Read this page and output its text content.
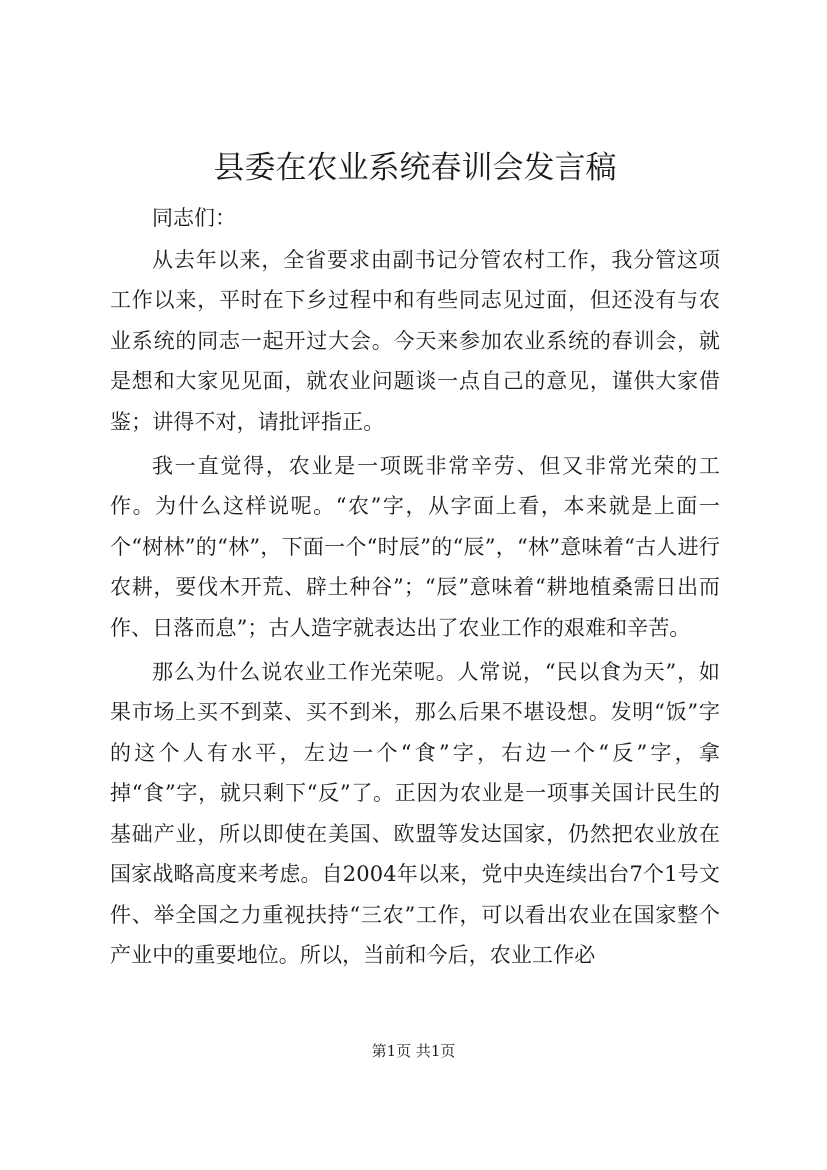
县委在农业系统春训会发言稿

同志们：

从去年以来，全省要求由副书记分管农村工作，我分管这项工作以来，平时在下乡过程中和有些同志见过面，但还没有与农业系统的同志一起开过大会。今天来参加农业系统的春训会，就是想和大家见见面，就农业问题谈一点自己的意见，谨供大家借鉴；讲得不对，请批评指正。

我一直觉得，农业是一项既非常辛劳、但又非常光荣的工作。为什么这样说呢。“农”字，从字面上看，本来就是上面一个“树林”的“林”，下面一个“时辰”的“辰”，“林”意味着“古人进行农耕，要伐木开荒、辟土种谷”；“辰”意味着“耕地植桑需日出而作、日落而息”；古人造字就表达出了农业工作的艰难和辛苦。

那么为什么说农业工作光荣呢。人常说，“民以食为天”，如果市场上买不到菜、买不到米，那么后果不堪设想。发明“饭”字的这个人有水平，左边一个“食”字，右边一个“反”字，拿掉“食”字，就只剩下“反”了。正因为农业是一项事关国计民生的基础产业，所以即使在美国、欧盟等发达国家，仍然把农业放在国家战略高度来考虑。自2004年以来，党中央连续出台7个1号文件、举全国之力重视扶持“三农”工作，可以看出农业在国家整个产业中的重要地位。所以，当前和今后，农业工作必

第1页 共1页
